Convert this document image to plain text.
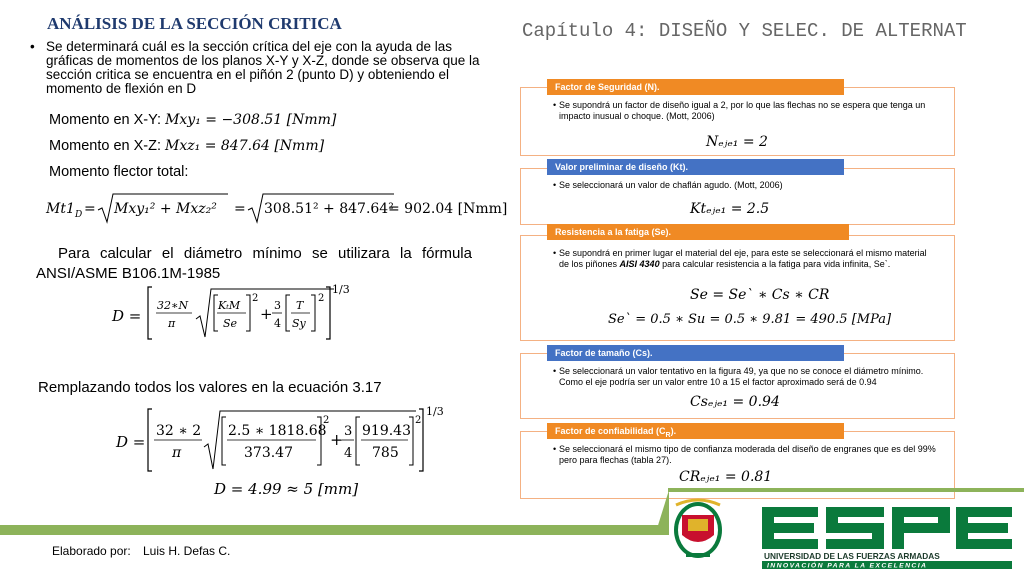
ANÁLISIS DE LA SECCIÓN CRITICA	Capítulo 4: DISEÑO Y SELEC. DE ALTERNAT
• Se determinará cuál es la sección crítica del eje con la ayuda de las gráficas de momentos de los planos X-Y y X-Z, donde se observa que la sección critica se encuentra en el piñón 2 (punto D) y obteniendo el momento de flexión en D
Momento en X-Y: Mxy₁ = −308.51 [Nmm]
Momento en X-Z: Mxz₁ = 847.64 [Nmm]
Momento flector total:
Mt1 D = Mxy₁² + Mxz₂² = 308.51² + 847.64²
= 902.04 [Nmm]
Para calcular el diámetro mínimo se utilizara la fórmula ANSI/ASME B106.1M-1985
D =
32∗N
π
KₜM
Se
2
+ 3
4
T
Sy
2
1/3
Remplazando todos los valores en la ecuación 3.17
D =
32 ∗ 2
π
2.5 ∗ 1818.68
373.47
2
+ 3
4
919.43
785
2
1/3
D = 4.99 ≈ 5 [mm]
Factor de Seguridad (N).
• Se supondrá un factor de diseño igual a 2, por lo que las flechas no se espera que tenga un impacto inusual o choque. (Mott, 2006)
Nₑⱼₑ₁ = 2
Valor preliminar de diseño (Kt).
• Se seleccionará un valor de chaflán agudo. (Mott, 2006)
Ktₑⱼₑ₁ = 2.5
Resistencia a la fatiga (Se).
• Se supondrá en primer lugar el material del eje, para este se seleccionará el mismo material de los piñones AISI 4340 para calcular resistencia a la fatiga para vida infinita, Se`.
Se = Se` ∗ Cs ∗ CR
Se` = 0.5 ∗ Su = 0.5 ∗ 9.81 = 490.5 [MPa]
Factor de tamaño (Cs).
• Se seleccionará un valor tentativo en la figura 49, ya que no se conoce el diámetro mínimo. Como el eje podría ser un valor entre 10 a 15 el factor aproximado será de 0.94
Csₑⱼₑ₁ = 0.94
Factor de confiabilidad $(C_R)$.
• Se seleccionará el mismo tipo de confianza moderada del diseño de engranes que es del 99% pero para flechas (tabla 27).
CRₑⱼₑ₁ = 0.81
Elaborado por: Luis H. Defas C.	UNIVERSIDAD DE LAS FUERZAS ARMADAS
INNOVACIÓN PARA LA EXCELENCIA
